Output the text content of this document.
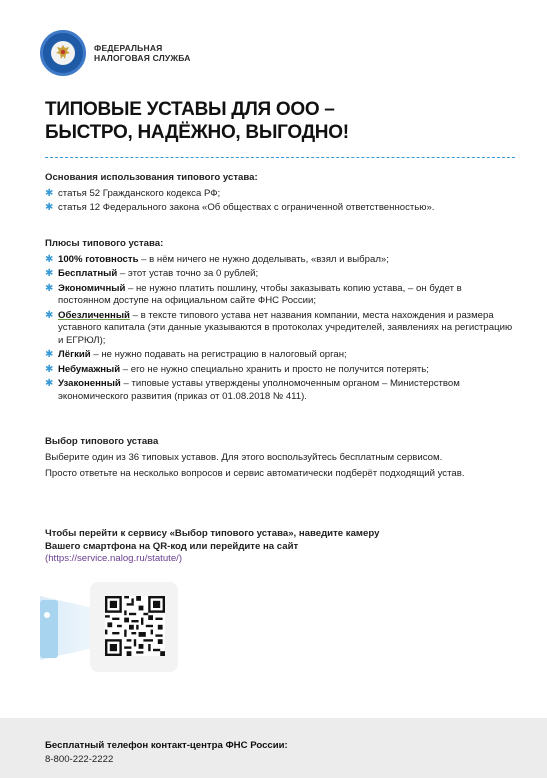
ФЕДЕРАЛЬНАЯ
НАЛОГОВАЯ СЛУЖБА
ТИПОВЫЕ УСТАВЫ ДЛЯ ООО –
БЫСТРО, НАДЁЖНО, ВЫГОДНО!
Основания использования типового устава:
✱ статья 52 Гражданского кодекса РФ;
✱ статья 12 Федерального закона «Об обществах с ограниченной ответственностью».
Плюсы типового устава:
✱ 100% готовность – в нём ничего не нужно доделывать, «взял и выбрал»;
✱ Бесплатный – этот устав точно за 0 рублей;
✱ Экономичный – не нужно платить пошлину, чтобы заказывать копию устава, – он будет в постоянном доступе на официальном сайте ФНС России;
✱ Обезличенный – в тексте типового устава нет названия компании, места нахождения и размера уставного капитала (эти данные указываются в протоколах учредителей, заявлениях на регистрацию и ЕГРЮЛ);
✱ Лёгкий – не нужно подавать на регистрацию в налоговый орган;
✱ Небумажный – его не нужно специально хранить и просто не получится потерять;
✱ Узаконенный – типовые уставы утверждены уполномоченным органом – Министерством экономического развития (приказ от 01.08.2018 № 411).
Выбор типового устава

Выберите один из 36 типовых уставов. Для этого воспользуйтесь бесплатным сервисом.

Просто ответьте на несколько вопросов и сервис автоматически подберёт подходящий устав.

Чтобы перейти к сервису «Выбор типового устава», наведите камеру
Вашего смартфона на QR-код или перейдите на сайт
(https://service.nalog.ru/statute/)
Бесплатный телефон контакт-центра ФНС России:
8-800-222-2222
